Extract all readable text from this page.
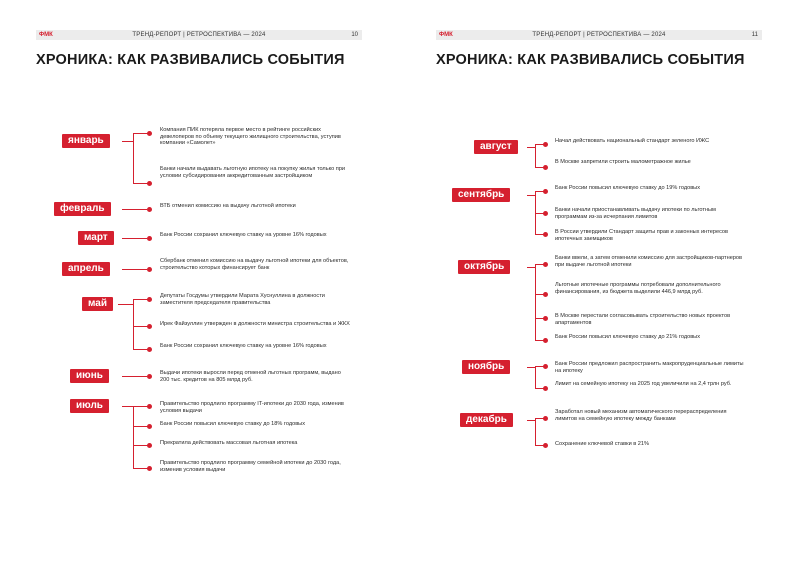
ФМК	ТРЕНД-РЕПОРТ | РЕТРОСПЕКТИВА — 2024	10
ХРОНИКА: КАК РАЗВИВАЛИСЬ СОБЫТИЯ
январь
Компания ПИК потеряла первое место в рейтинге российских девелоперов по объему текущего жилищного строительства, уступив компании «Самолет»
Банки начали выдавать льготную ипотеку на покупку жилья только при условии субсидирования аккредитованным застройщиком
февраль	ВТБ отменил комиссию на выдачу льготной ипотеки
март	Банк России сохранил ключевую ставку на уровне 16% годовых
апрель
Сбербанк отменил комиссию на выдачу льготной ипотеки для объектов, строительство которых финансирует банк
май
Депутаты Госдумы утвердили Марата Хуснуллина в должности заместителя председателя правительства
Ирек Файзуллин утвержден в должности министра строительства и ЖКХ
Банк России сохранил ключевую ставку на уровне 16% годовых
июнь	Выдачи ипотеки выросли перед отменой льготных программ, выдано 200 тыс. кредитов на 805 млрд руб.
июль	Правительство продлило программу IT-ипотеки до 2030 года, изменив условия выдачи
Банк России повысил ключевую ставку до 18% годовых
Прекратила действовать массовая льготная ипотека
Правительство продлило программу семейной ипотеки до 2030 года, изменив условия выдачи
ФМК	ТРЕНД-РЕПОРТ | РЕТРОСПЕКТИВА — 2024	11
ХРОНИКА: КАК РАЗВИВАЛИСЬ СОБЫТИЯ
август	Начал действовать национальный стандарт зеленого ИЖС
В Москве запретили строить малометражное жилье
сентябрь
Банк России повысил ключевую ставку до 19% годовых
Банки начали приостанавливать выдачу ипотеки по льготным программам из-за исчерпания лимитов
В России утвердили Стандарт защиты прав и законных интересов ипотечных заемщиков
октябрь
Банки ввели, а затем отменили комиссию для застройщиков-партнеров при выдаче льготной ипотеки
Льготные ипотечные программы потребовали дополнительного финансирования, из бюджета выделили 446,9 млрд руб.
В Москве перестали согласовывать строительство новых проектов апартаментов
Банк России повысил ключевую ставку до 21% годовых
ноябрь	Банк России предложил распространить макропруденциальные лимиты на ипотеку
Лимит на семейную ипотеку на 2025 год увеличили на 2,4 трлн руб.
декабрь
Заработал новый механизм автоматического перераспределения лимитов на семейную ипотеку между банками
Сохранение ключевой ставки в 21%
